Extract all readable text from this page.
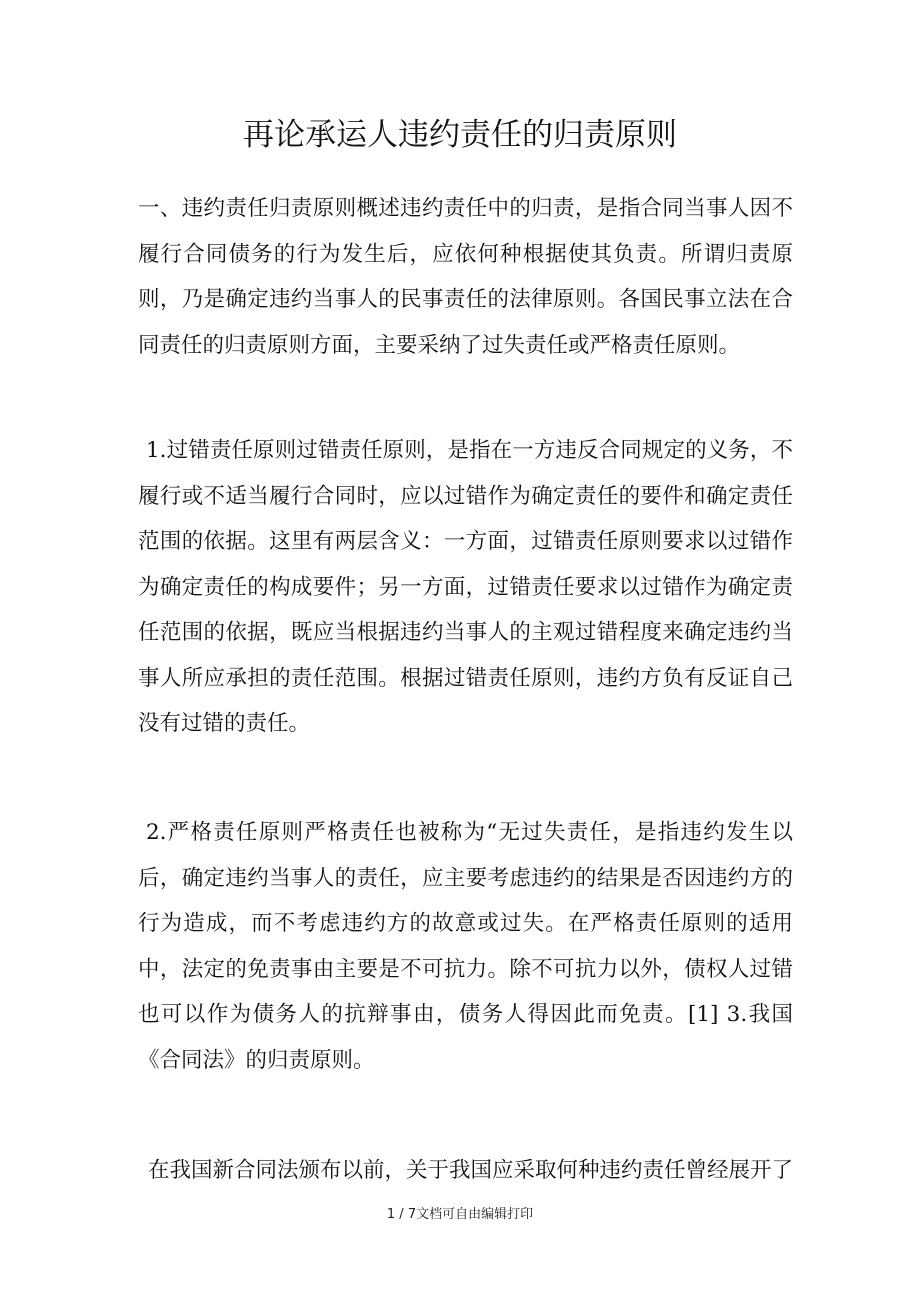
再论承运人违约责任的归责原则

一、违约责任归责原则概述违约责任中的归责，是指合同当事人因不履行合同债务的行为发生后，应依何种根据使其负责。所谓归责原则，乃是确定违约当事人的民事责任的法律原则。各国民事立法在合同责任的归责原则方面，主要采纳了过失责任或严格责任原则。

1.过错责任原则过错责任原则，是指在一方违反合同规定的义务，不履行或不适当履行合同时，应以过错作为确定责任的要件和确定责任范围的依据。这里有两层含义：一方面，过错责任原则要求以过错作为确定责任的构成要件；另一方面，过错责任要求以过错作为确定责任范围的依据，既应当根据违约当事人的主观过错程度来确定违约当事人所应承担的责任范围。根据过错责任原则，违约方负有反证自己没有过错的责任。

2.严格责任原则严格责任也被称为“无过失责任，是指违约发生以后，确定违约当事人的责任，应主要考虑违约的结果是否因违约方的行为造成，而不考虑违约方的故意或过失。在严格责任原则的适用中，法定的免责事由主要是不可抗力。除不可抗力以外，债权人过错也可以作为债务人的抗辩事由，债务人得因此而免责。[1] 3.我国《合同法》的归责原则。

在我国新合同法颁布以前，关于我国应采取何种违约责任曾经展开了

1 / 7文档可自由编辑打印
